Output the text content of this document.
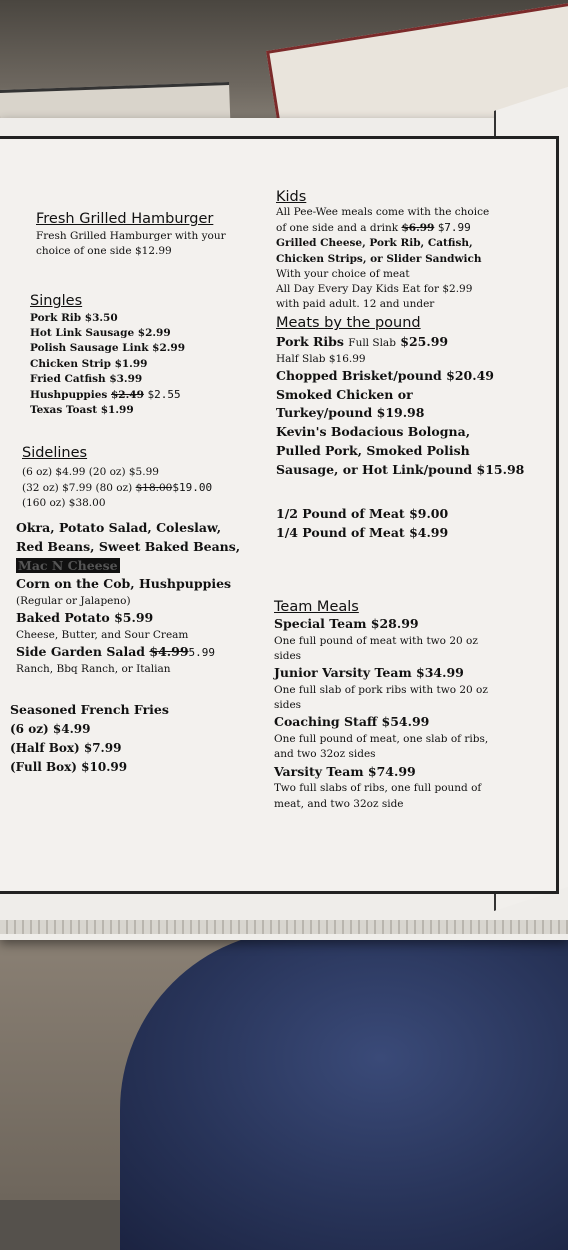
Fresh Grilled Hamburger
Fresh Grilled Hamburger with your
choice of one side $12.99
Singles
Pork Rib $3.50
Hot Link Sausage $2.99
Polish Sausage Link $2.99
Chicken Strip $1.99
Fried Catfish $3.99
Hushpuppies $2.49 $2.55
Texas Toast $1.99
Sidelines
(6 oz) $4.99 (20 oz) $5.99
(32 oz) $7.99 (80 oz) $18.00$19.00
(160 oz) $38.00
Okra, Potato Salad, Coleslaw,
Red Beans, Sweet Baked Beans,
Mac N Cheese
Corn on the Cob, Hushpuppies
(Regular or Jalapeno)
Baked Potato $5.99
Cheese, Butter, and Sour Cream
Side Garden Salad $4.995.99
Ranch, Bbq Ranch, or Italian
Seasoned French Fries
(6 oz) $4.99
(Half Box) $7.99
(Full Box) $10.99
Kids
All Pee-Wee meals come with the choice
of one side and a drink $6.99 $7.99
Grilled Cheese, Pork Rib, Catfish,
Chicken Strips, or Slider Sandwich
With your choice of meat
All Day Every Day Kids Eat for $2.99
with paid adult. 12 and under
Meats by the pound
Pork Ribs Full Slab $25.99
Half Slab $16.99
Chopped Brisket/pound $20.49
Smoked Chicken or
Turkey/pound $19.98
Kevin's Bodacious Bologna,
Pulled Pork, Smoked Polish
Sausage, or Hot Link/pound $15.98
1/2 Pound of Meat $9.00
1/4 Pound of Meat $4.99
Team Meals
Special Team $28.99
One full pound of meat with two 20 oz
sides
Junior Varsity Team $34.99
One full slab of pork ribs with two 20 oz
sides
Coaching Staff $54.99
One full pound of meat, one slab of ribs,
and two 32oz sides
Varsity Team $74.99
Two full slabs of ribs, one full pound of
meat, and two 32oz side
